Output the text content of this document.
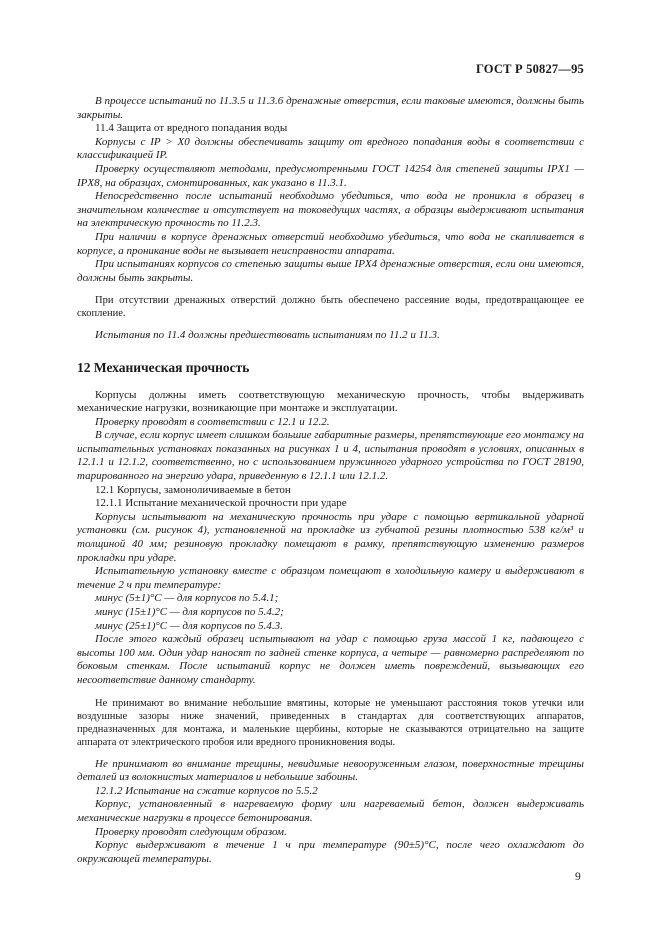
ГОСТ Р 50827—95

В процессе испытаний по 11.3.5 и 11.3.6 дренажные отверстия, если таковые имеются, должны быть закрыты.

11.4 Защита от вредного попадания воды

Корпусы с IP > X0 должны обеспечивать защиту от вредного попадания воды в соответствии с классификацией IP.

Проверку осуществляют методами, предусмотренными ГОСТ 14254 для степеней защиты IPX1 — IPX8, на образцах, смонтированных, как указано в 11.3.1.

Непосредственно после испытаний необходимо убедиться, что вода не проникла в образец в значительном количестве и отсутствует на токоведущих частях, а образцы выдерживают испытания на электрическую прочность по 11.2.3.

При наличии в корпусе дренажных отверстий необходимо убедиться, что вода не скапливается в корпусе, а проникание воды не вызывает неисправности аппарата.

При испытаниях корпусов со степенью защиты выше IPX4 дренажные отверстия, если они имеются, должны быть закрыты.

При отсутствии дренажных отверстий должно быть обеспечено рассеяние воды, предотвращающее ее скопление.

Испытания по 11.4 должны предшествовать испытаниям по 11.2 и 11.3.

12 Механическая прочность

Корпусы должны иметь соответствующую механическую прочность, чтобы выдерживать механические нагрузки, возникающие при монтаже и эксплуатации.

Проверку проводят в соответствии с 12.1 и 12.2.

В случае, если корпус имеет слишком большие габаритные размеры, препятствующие его монтажу на испытательных установках показанных на рисунках 1 и 4, испытания проводят в условиях, описанных в 12.1.1 и 12.1.2, соответственно, но с использованием пружинного ударного устройства по ГОСТ 28190, тарированного на энергию удара, приведенную в 12.1.1 или 12.1.2.

12.1 Корпусы, замоноличиваемые в бетон

12.1.1 Испытание механической прочности при ударе

Корпусы испытывают на механическую прочность при ударе с помощью вертикальной ударной установки (см. рисунок 4), установленной на прокладке из губчатой резины плотностью 538 кг/м³ и толщиной 40 мм; резиновую прокладку помещают в рамку, препятствующую изменению размеров прокладки при ударе.

Испытательную установку вместе с образцом помещают в холодильную камеру и выдерживают в течение 2 ч при температуре:

минус (5±1)°С — для корпусов по 5.4.1;

минус (15±1)°С — для корпусов по 5.4.2;

минус (25±1)°С — для корпусов по 5.4.3.

После этого каждый образец испытывают на удар с помощью груза массой 1 кг, падающего с высоты 100 мм. Один удар наносят по задней стенке корпуса, а четыре — равномерно распределяют по боковым стенкам. После испытаний корпус не должен иметь повреждений, вызывающих его несоответствие данному стандарту.

Не принимают во внимание небольшие вмятины, которые не уменьшают расстояния токов утечки или воздушные зазоры ниже значений, приведенных в стандартах для соответствующих аппаратов, предназначенных для монтажа, и маленькие щербины, которые не сказываются отрицательно на защите аппарата от электрического пробоя или вредного проникновения воды.

Не принимают во внимание трещины, невидимые невооруженным глазом, поверхностные трещины деталей из волокнистых материалов и небольшие забоины.

12.1.2 Испытание на сжатие корпусов по 5.5.2

Корпус, установленный в нагреваемую форму или нагреваемый бетон, должен выдерживать механические нагрузки в процессе бетонирования.

Проверку проводят следующим образом.

Корпус выдерживают в течение 1 ч при температуре (90±5)°С, после чего охлаждают до окружающей температуры.

9
